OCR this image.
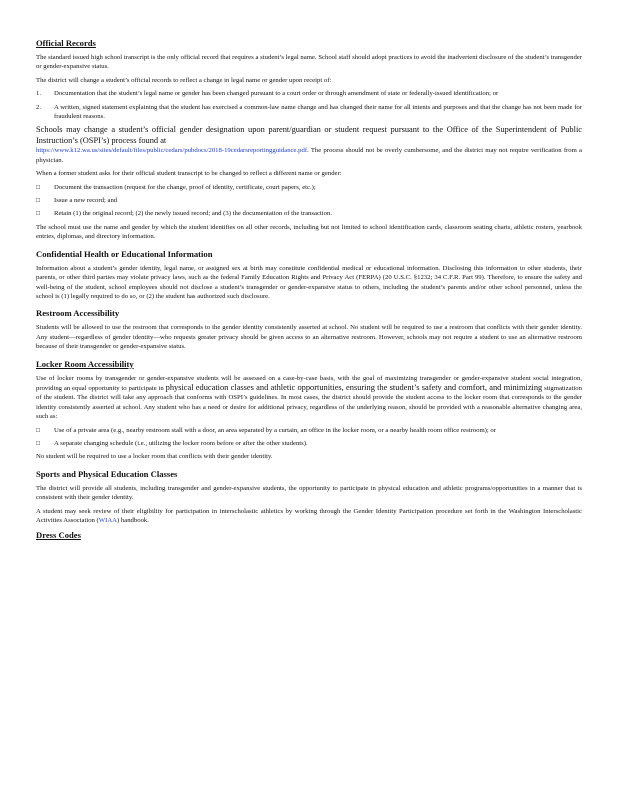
Official Records

The standard issued high school transcript is the only official record that requires a student’s legal name. School staff should adopt practices to avoid the inadvertent disclosure of the student’s transgender or gender-expansive status.

The district will change a student’s official records to reflect a change in legal name or gender upon receipt of:

1.	Documentation that the student’s legal name or gender has been changed pursuant to a court order or through amendment of state or federally-issued identification; or
2.	A written, signed statement explaining that the student has exercised a common-law name change and has changed their name for all intents and purposes and that the change has not been made for fraudulent reasons.

Schools may change a student’s official gender designation upon parent/guardian or student request pursuant to the Office of the Superintendent of Public Instruction’s (OSPI’s) process found at

https://www.k12.wa.us/sites/default/files/public/cedars/pubdocs/2018-19cedarsreportingguidance.pdf. The process should not be overly cumbersome, and the district may not require verification from a physician.

When a former student asks for their official student transcript to be changed to reflect a different name or gender:

□	Document the transaction (request for the change, proof of identity, certificate, court papers, etc.);
□	Issue a new record; and
□	Retain (1) the original record; (2) the newly issued record; and (3) the documentation of the transaction.

The school must use the name and gender by which the student identifies on all other records, including but not limited to school identification cards, classroom seating charts, athletic rosters, yearbook entries, diplomas, and directory information.

Confidential Health or Educational Information

Information about a student’s gender identity, legal name, or assigned sex at birth may constitute confidential medical or educational information. Disclosing this information to other students, their parents, or other third parties may violate privacy laws, such as the federal Family Education Rights and Privacy Act (FERPA) (20 U.S.C. §1232; 34 C.F.R. Part 99). Therefore, to ensure the safety and well-being of the student, school employees should not disclose a student’s transgender or gender-expansive status to others, including the student’s parents and/or other school personnel, unless the school is (1) legally required to do so, or (2) the student has authorized such disclosure.

Restroom Accessibility

Students will be allowed to use the restroom that corresponds to the gender identity consistently asserted at school. No student will be required to use a restroom that conflicts with their gender identity. Any student—regardless of gender identity—who requests greater privacy should be given access to an alternative restroom. However, schools may not require a student to use an alternative restroom because of their transgender or gender-expansive status.

Locker Room Accessibility

Use of locker rooms by transgender or gender-expansive students will be assessed on a case-by-case basis, with the goal of maximizing transgender or gender-expansive student social integration, providing an equal opportunity to participate in physical education classes and athletic opportunities, ensuring the student’s safety and comfort, and minimizing stigmatization of the student. The district will take any approach that conforms with OSPI’s guidelines. In most cases, the district should provide the student access to the locker room that corresponds to the gender identity consistently asserted at school. Any student who has a need or desire for additional privacy, regardless of the underlying reason, should be provided with a reasonable alternative changing area, such as:

□	Use of a private area (e.g., nearby restroom stall with a door, an area separated by a curtain, an office in the locker room, or a nearby health room office restroom); or
□	A separate changing schedule (i.e., utilizing the locker room before or after the other students).

No student will be required to use a locker room that conflicts with their gender identity.

Sports and Physical Education Classes

The district will provide all students, including transgender and gender-expansive students, the opportunity to participate in physical education and athletic programs/opportunities in a manner that is consistent with their gender identity.

A student may seek review of their eligibility for participation in interscholastic athletics by working through the Gender Identity Participation procedure set forth in the Washington Interscholastic Activities Association (WIAA) handbook.

Dress Codes
